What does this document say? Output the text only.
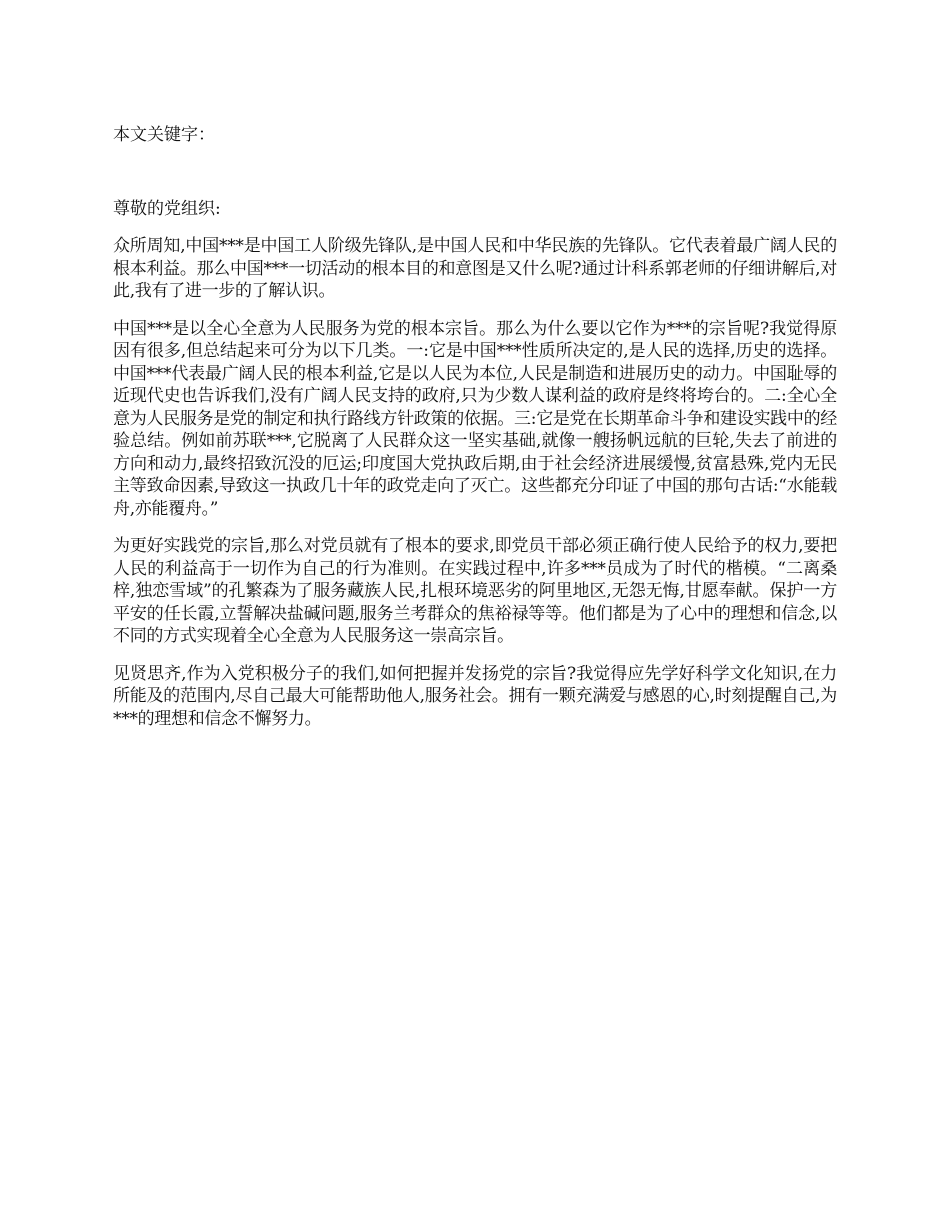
本文关键字：

尊敬的党组织:

众所周知,中国***是中国工人阶级先锋队,是中国人民和中华民族的先锋队。它代表着最广阔人民的根本利益。那么中国***一切活动的根本目的和意图是又什么呢?通过计科系郭老师的仔细讲解后,对此,我有了进一步的了解认识。

中国***是以全心全意为人民服务为党的根本宗旨。那么为什么要以它作为***的宗旨呢?我觉得原因有很多,但总结起来可分为以下几类。一:它是中国***性质所决定的,是人民的选择,历史的选择。中国***代表最广阔人民的根本利益,它是以人民为本位,人民是制造和进展历史的动力。中国耻辱的近现代史也告诉我们,没有广阔人民支持的政府,只为少数人谋利益的政府是终将垮台的。二:全心全意为人民服务是党的制定和执行路线方针政策的依据。三:它是党在长期革命斗争和建设实践中的经验总结。例如前苏联***,它脱离了人民群众这一坚实基础,就像一艘扬帆远航的巨轮,失去了前进的方向和动力,最终招致沉没的厄运;印度国大党执政后期,由于社会经济进展缓慢,贫富悬殊,党内无民主等致命因素,导致这一执政几十年的政党走向了灭亡。这些都充分印证了中国的那句古话:“水能载舟,亦能覆舟。”

为更好实践党的宗旨,那么对党员就有了根本的要求,即党员干部必须正确行使人民给予的权力,要把人民的利益高于一切作为自己的行为准则。在实践过程中,许多***员成为了时代的楷模。“二离桑梓,独恋雪域”的孔繁森为了服务藏族人民,扎根环境恶劣的阿里地区,无怨无悔,甘愿奉献。保护一方平安的任长霞,立誓解决盐碱问题,服务兰考群众的焦裕禄等等。他们都是为了心中的理想和信念,以不同的方式实现着全心全意为人民服务这一崇高宗旨。

见贤思齐,作为入党积极分子的我们,如何把握并发扬党的宗旨?我觉得应先学好科学文化知识,在力所能及的范围内,尽自己最大可能帮助他人,服务社会。拥有一颗充满爱与感恩的心,时刻提醒自己,为***的理想和信念不懈努力。
